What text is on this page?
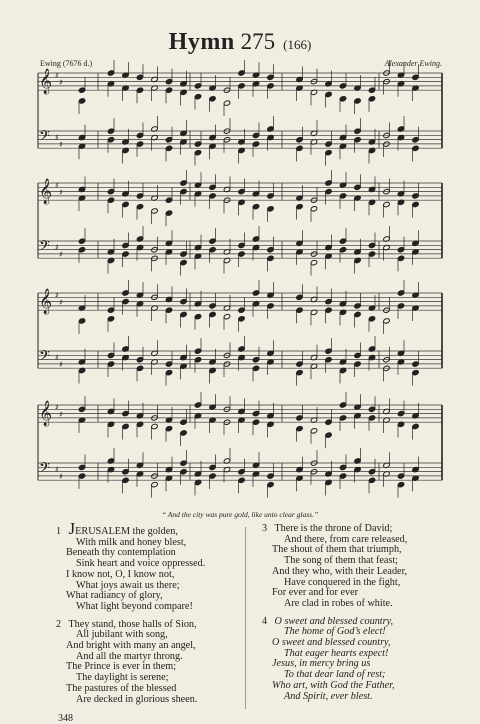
Hymn 275 (166)
Ewing (7676 d.)	Alexander Ewing.
𝄞
𝄢
♯
♯
♯
♯
𝄞
𝄢
♯
♯
♯
♯
𝄞
𝄢
♯
♯
♯
♯
𝄞
𝄢
♯
♯
♯
♯
“ And the city was pure gold, like unto clear glass.”
1 JERUSALEM the golden,
With milk and honey blest,
Beneath thy contemplation
Sink heart and voice oppressed.
I know not, O, I know not,
What joys await us there;
What radiancy of glory,
What light beyond compare!
2 They stand, those halls of Sion,
All jubilant with song,
And bright with many an angel,
And all the martyr throng.
The Prince is ever in them;
The daylight is serene;
The pastures of the blessed
Are decked in glorious sheen.
3 There is the throne of David;
And there, from care released,
The shout of them that triumph,
The song of them that feast;
And they who, with their Leader,
Have conquered in the fight,
For ever and for ever
Are clad in robes of white.
4 O sweet and blessed country,
The home of God’s elect!
O sweet and blessed country,
That eager hearts expect!
Jesus, in mercy bring us
To that dear land of rest;
Who art, with God the Father,
And Spirit, ever blest.
348
